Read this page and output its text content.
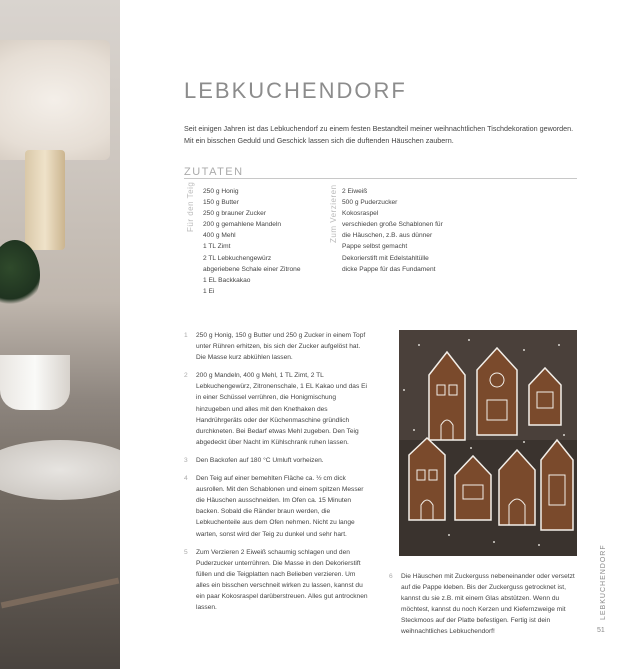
LEBKUCHENDORF

Seit einigen Jahren ist das Lebkuchendorf zu einem festen Bestandteil meiner weihnachtlichen Tischdekoration geworden. Mit ein bisschen Geduld und Geschick lassen sich die duftenden Häuschen zaubern.

ZUTATEN
Für den Teig 250 g Honig
150 g Butter
250 g brauner Zucker
200 g gemahlene Mandeln
400 g Mehl
1 TL Zimt
2 TL Lebkuchengewürz
abgeriebene Schale einer Zitrone
1 EL Backkakao
1 Ei
Zum Verzieren 2 Eiweiß
500 g Puderzucker
Kokosraspel
verschieden große Schablonen für
die Häuschen, z.B. aus dünner
Pappe selbst gemacht
Dekorierstift mit Edelstahltülle
dicke Pappe für das Fundament
1 250 g Honig, 150 g Butter und 250 g Zucker in einem Topf unter Rühren erhitzen, bis sich der Zucker aufgelöst hat. Die Masse kurz abkühlen lassen.
2 200 g Mandeln, 400 g Mehl, 1 TL Zimt, 2 TL Lebkuchengewürz, Zitronenschale, 1 EL Kakao und das Ei in einer Schüssel verrühren, die Honigmischung hinzugeben und alles mit den Knethaken des Handrührgeräts oder der Küchenmaschine gründlich durchkneten. Bei Bedarf etwas Mehl zugeben. Den Teig abgedeckt über Nacht im Kühlschrank ruhen lassen.
3 Den Backofen auf 180 °C Umluft vorheizen.
4 Den Teig auf einer bemehlten Fläche ca. ½ cm dick ausrollen. Mit den Schablonen und einem spitzen Messer die Häuschen ausschneiden. Im Ofen ca. 15 Minuten backen. Sobald die Ränder braun werden, die Lebkuchenteile aus dem Ofen nehmen. Nicht zu lange warten, sonst wird der Teig zu dunkel und sehr hart.
5 Zum Verzieren 2 Eiweiß schaumig schlagen und den Puderzucker unterrühren. Die Masse in den Dekorierstift füllen und die Teigplatten nach Belieben verzieren. Um alles ein bisschen verschneit wirken zu lassen, kannst du ein paar Kokosraspel darüberstreuen. Alles gut antrocknen lassen.
6 Die Häuschen mit Zuckerguss nebeneinander oder versetzt auf die Pappe kleben. Bis der Zuckerguss getrocknet ist, kannst du sie z.B. mit einem Glas abstützen. Wenn du möchtest, kannst du noch Kerzen und Kiefernzweige mit Steckmoos auf der Platte befestigen. Fertig ist dein weihnachtliches Lebkuchendorf!
LEBKUCHENDORF
51
